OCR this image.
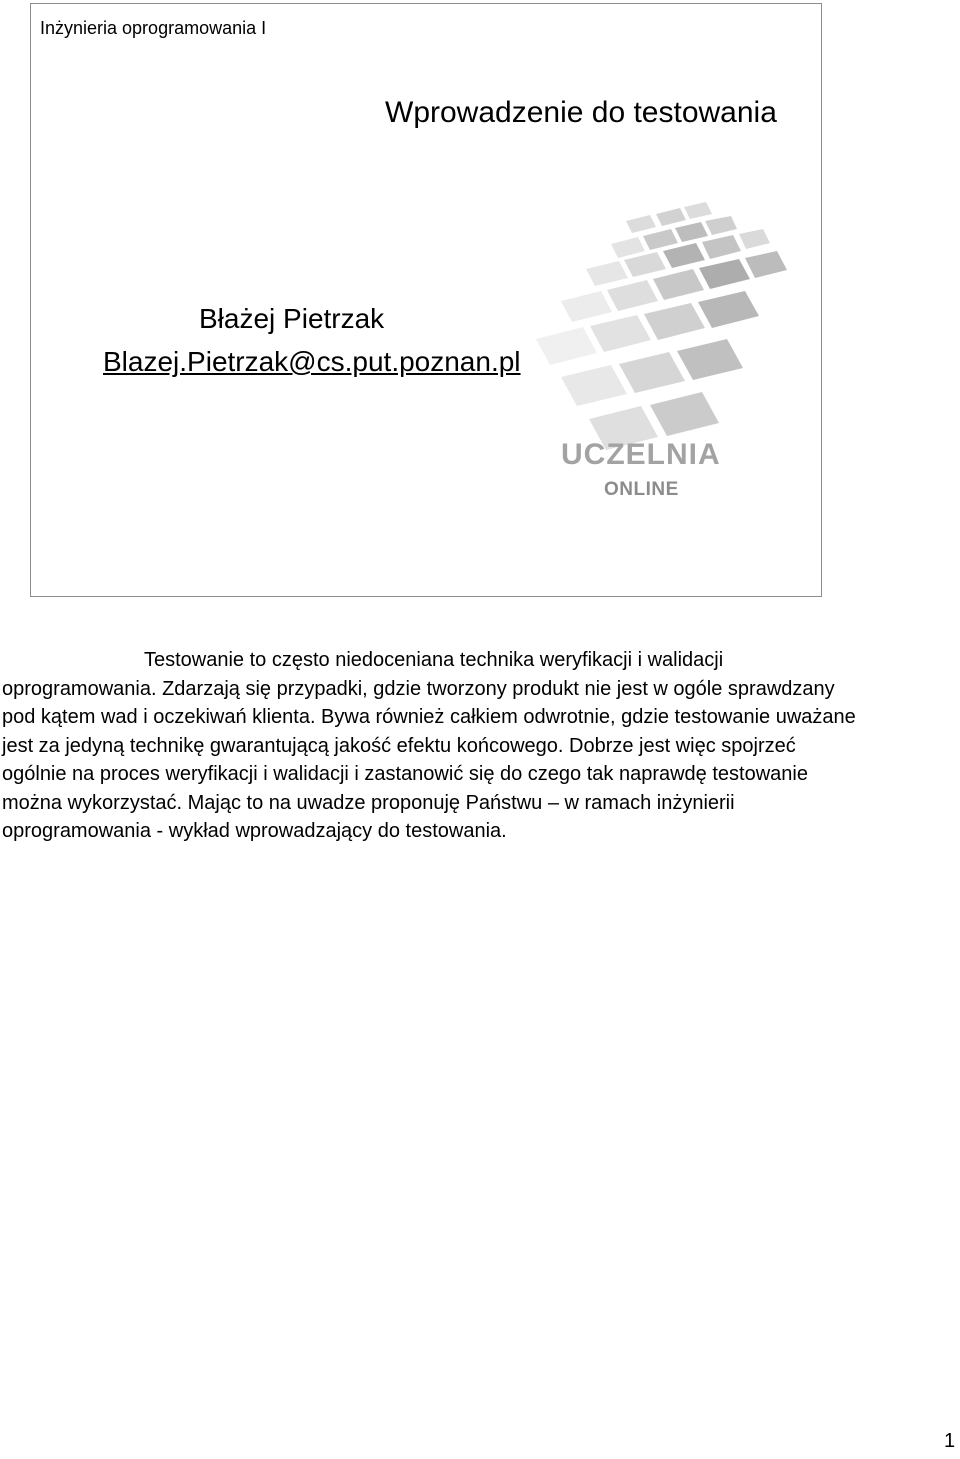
Inżynieria oprogramowania I
Wprowadzenie do testowania
Błażej Pietrzak
Blazej.Pietrzak@cs.put.poznan.pl
UCZELNIA
ONLINE

Testowanie to często niedoceniana technika weryfikacji i walidacji oprogramowania. Zdarzają się przypadki, gdzie tworzony produkt nie jest w ogóle sprawdzany pod kątem wad i oczekiwań klienta. Bywa również całkiem odwrotnie, gdzie testowanie uważane jest za jedyną technikę gwarantującą jakość efektu końcowego. Dobrze jest więc spojrzeć ogólnie na proces weryfikacji i walidacji i zastanowić się do czego tak naprawdę testowanie można wykorzystać. Mając to na uwadze proponuję Państwu – w ramach inżynierii oprogramowania - wykład wprowadzający do testowania.

1
